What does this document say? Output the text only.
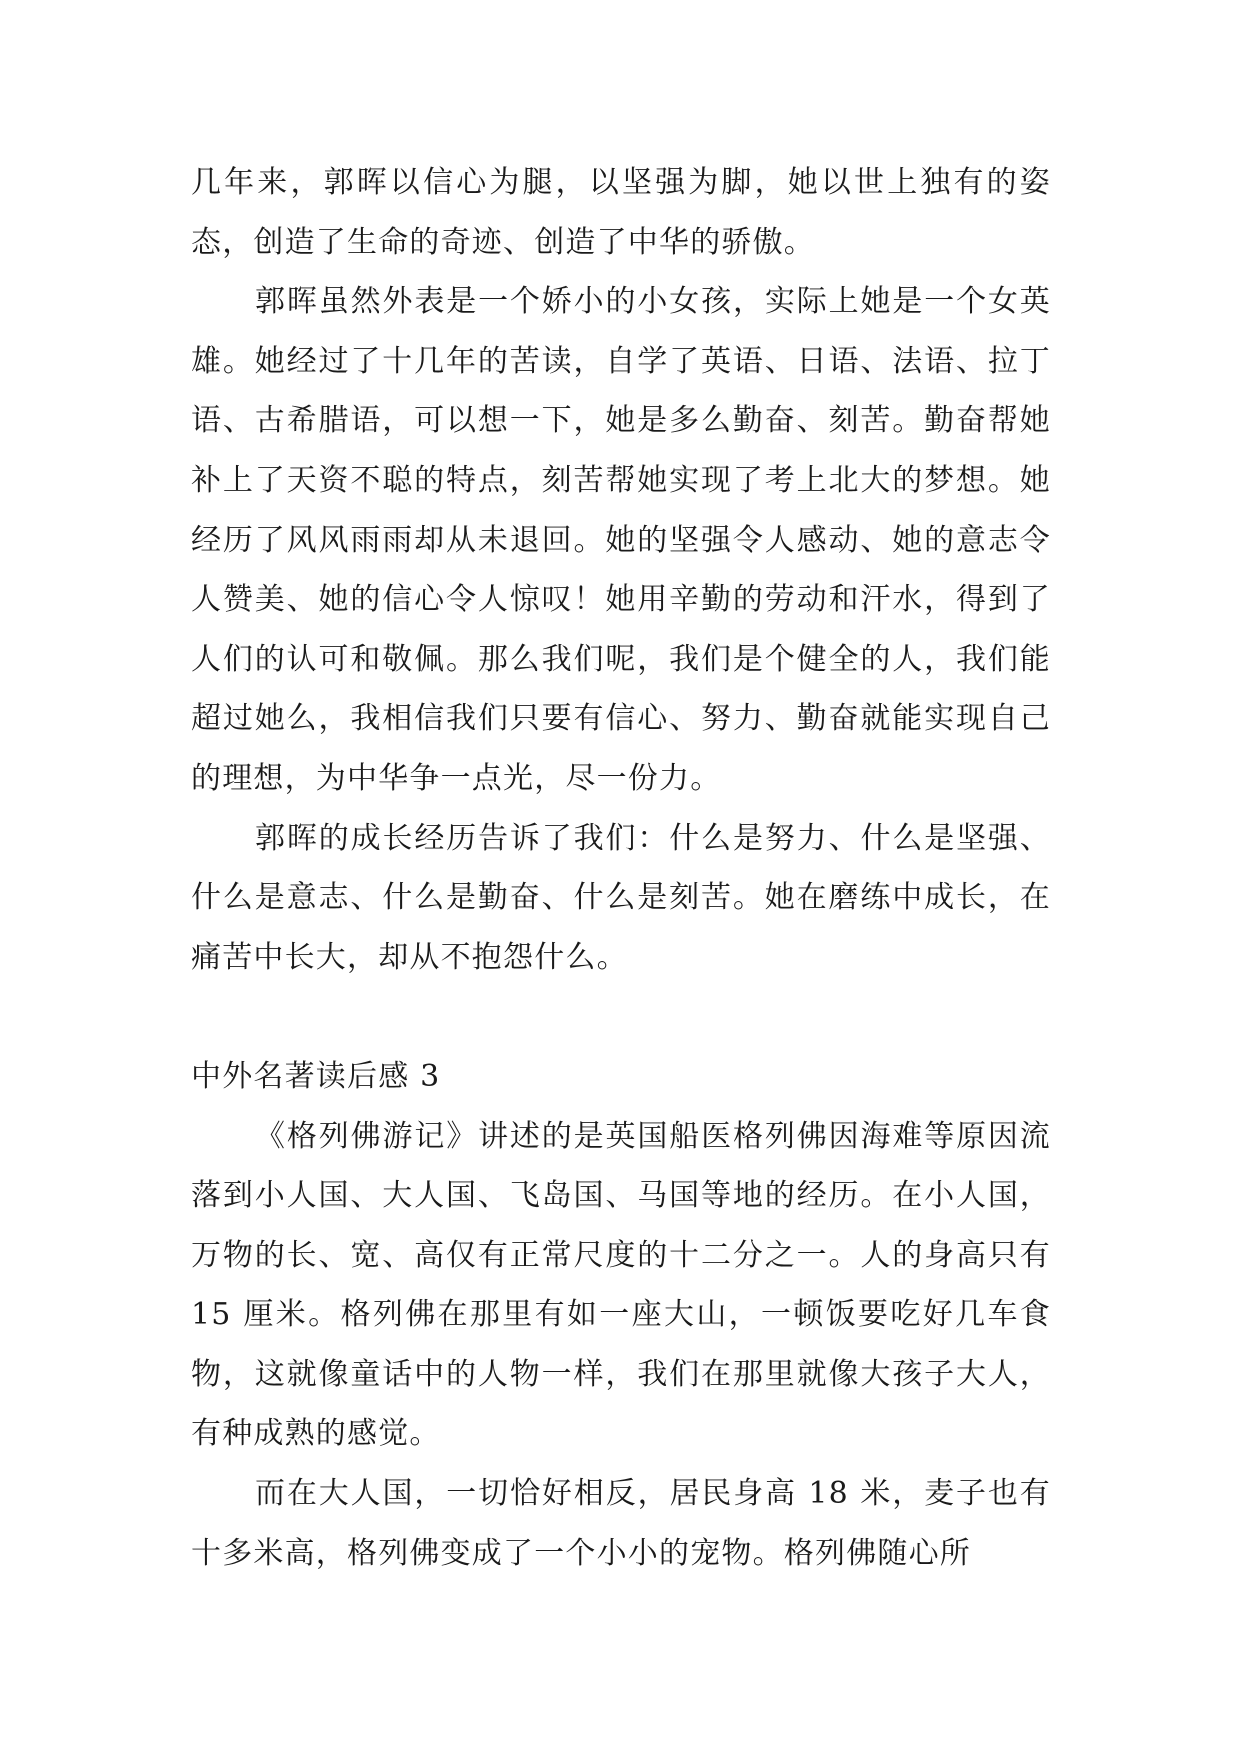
几年来，郭晖以信心为腿，以坚强为脚，她以世上独有的姿态，创造了生命的奇迹、创造了中华的骄傲。

郭晖虽然外表是一个娇小的小女孩，实际上她是一个女英雄。她经过了十几年的苦读，自学了英语、日语、法语、拉丁语、古希腊语，可以想一下，她是多么勤奋、刻苦。勤奋帮她补上了天资不聪的特点，刻苦帮她实现了考上北大的梦想。她经历了风风雨雨却从未退回。她的坚强令人感动、她的意志令人赞美、她的信心令人惊叹！她用辛勤的劳动和汗水，得到了人们的认可和敬佩。那么我们呢，我们是个健全的人，我们能超过她么，我相信我们只要有信心、努力、勤奋就能实现自己的理想，为中华争一点光，尽一份力。

郭晖的成长经历告诉了我们：什么是努力、什么是坚强、什么是意志、什么是勤奋、什么是刻苦。她在磨练中成长，在痛苦中长大，却从不抱怨什么。

中外名著读后感 3

《格列佛游记》讲述的是英国船医格列佛因海难等原因流落到小人国、大人国、飞岛国、马国等地的经历。在小人国，万物的长、宽、高仅有正常尺度的十二分之一。人的身高只有 15 厘米。格列佛在那里有如一座大山，一顿饭要吃好几车食物，这就像童话中的人物一样，我们在那里就像大孩子大人，有种成熟的感觉。

而在大人国，一切恰好相反，居民身高 18 米，麦子也有十多米高，格列佛变成了一个小小的宠物。格列佛随心所
